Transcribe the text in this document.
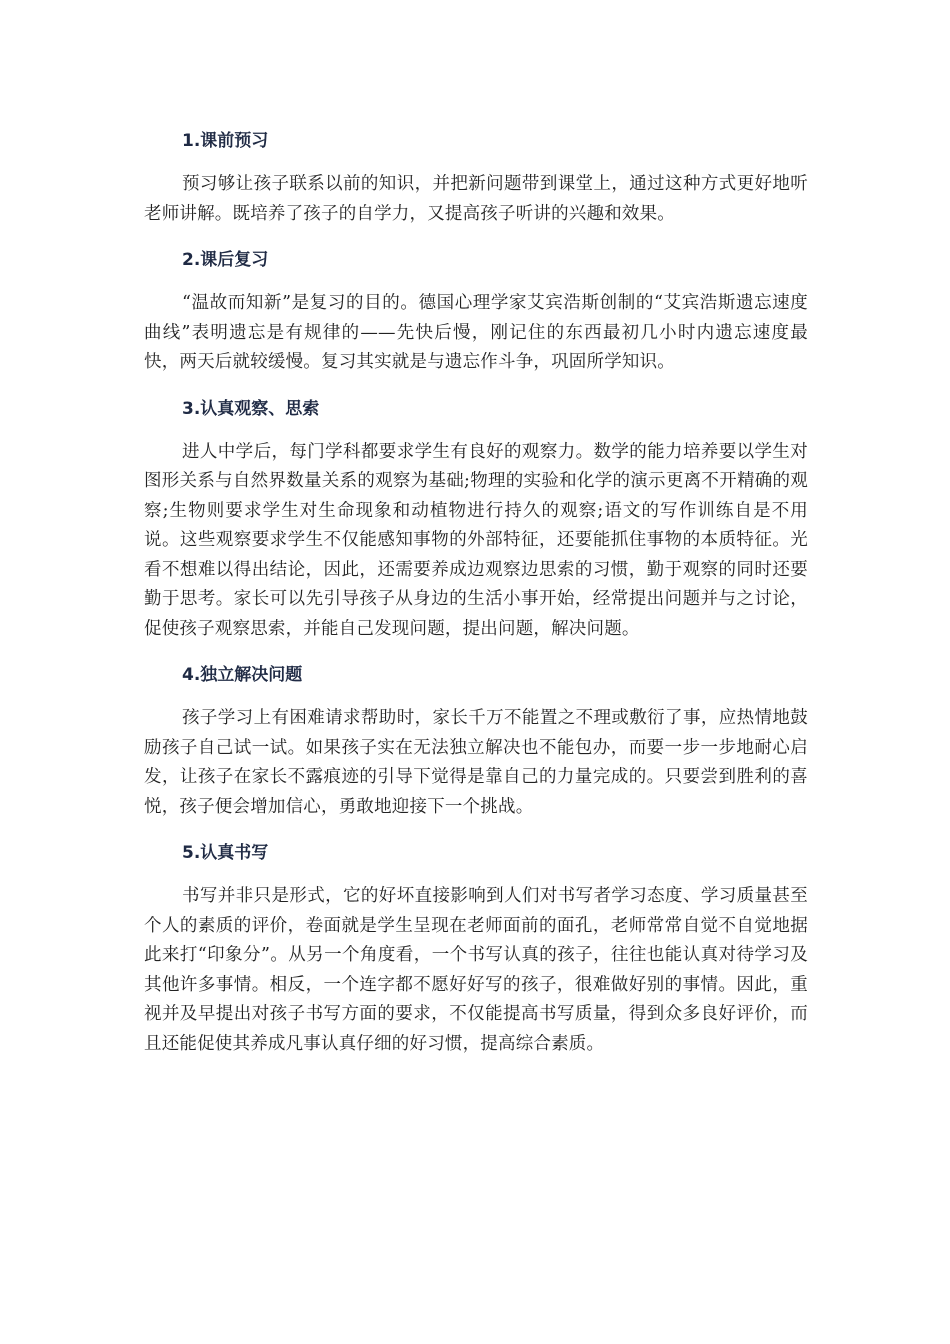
1.课前预习

预习够让孩子联系以前的知识，并把新问题带到课堂上，通过这种方式更好地听老师讲解。既培养了孩子的自学力，又提高孩子听讲的兴趣和效果。

2.课后复习

“温故而知新”是复习的目的。德国心理学家艾宾浩斯创制的“艾宾浩斯遗忘速度曲线”表明遗忘是有规律的——先快后慢，刚记住的东西最初几小时内遗忘速度最快，两天后就较缓慢。复习其实就是与遗忘作斗争，巩固所学知识。

3.认真观察、思索

进人中学后，每门学科都要求学生有良好的观察力。数学的能力培养要以学生对图形关系与自然界数量关系的观察为基础;物理的实验和化学的演示更离不开精确的观察;生物则要求学生对生命现象和动植物进行持久的观察;语文的写作训练自是不用说。这些观察要求学生不仅能感知事物的外部特征，还要能抓住事物的本质特征。光看不想难以得出结论，因此，还需要养成边观察边思索的习惯，勤于观察的同时还要勤于思考。家长可以先引导孩子从身边的生活小事开始，经常提出问题并与之讨论，促使孩子观察思索，并能自己发现问题，提出问题，解决问题。

4.独立解决问题

孩子学习上有困难请求帮助时，家长千万不能置之不理或敷衍了事，应热情地鼓励孩子自己试一试。如果孩子实在无法独立解决也不能包办，而要一步一步地耐心启发，让孩子在家长不露痕迹的引导下觉得是靠自己的力量完成的。只要尝到胜利的喜悦，孩子便会增加信心，勇敢地迎接下一个挑战。

5.认真书写

书写并非只是形式，它的好坏直接影响到人们对书写者学习态度、学习质量甚至个人的素质的评价，卷面就是学生呈现在老师面前的面孔，老师常常自觉不自觉地据此来打“印象分”。从另一个角度看，一个书写认真的孩子，往往也能认真对待学习及其他许多事情。相反，一个连字都不愿好好写的孩子，很难做好别的事情。因此，重视并及早提出对孩子书写方面的要求，不仅能提高书写质量，得到众多良好评价，而且还能促使其养成凡事认真仔细的好习惯，提高综合素质。
